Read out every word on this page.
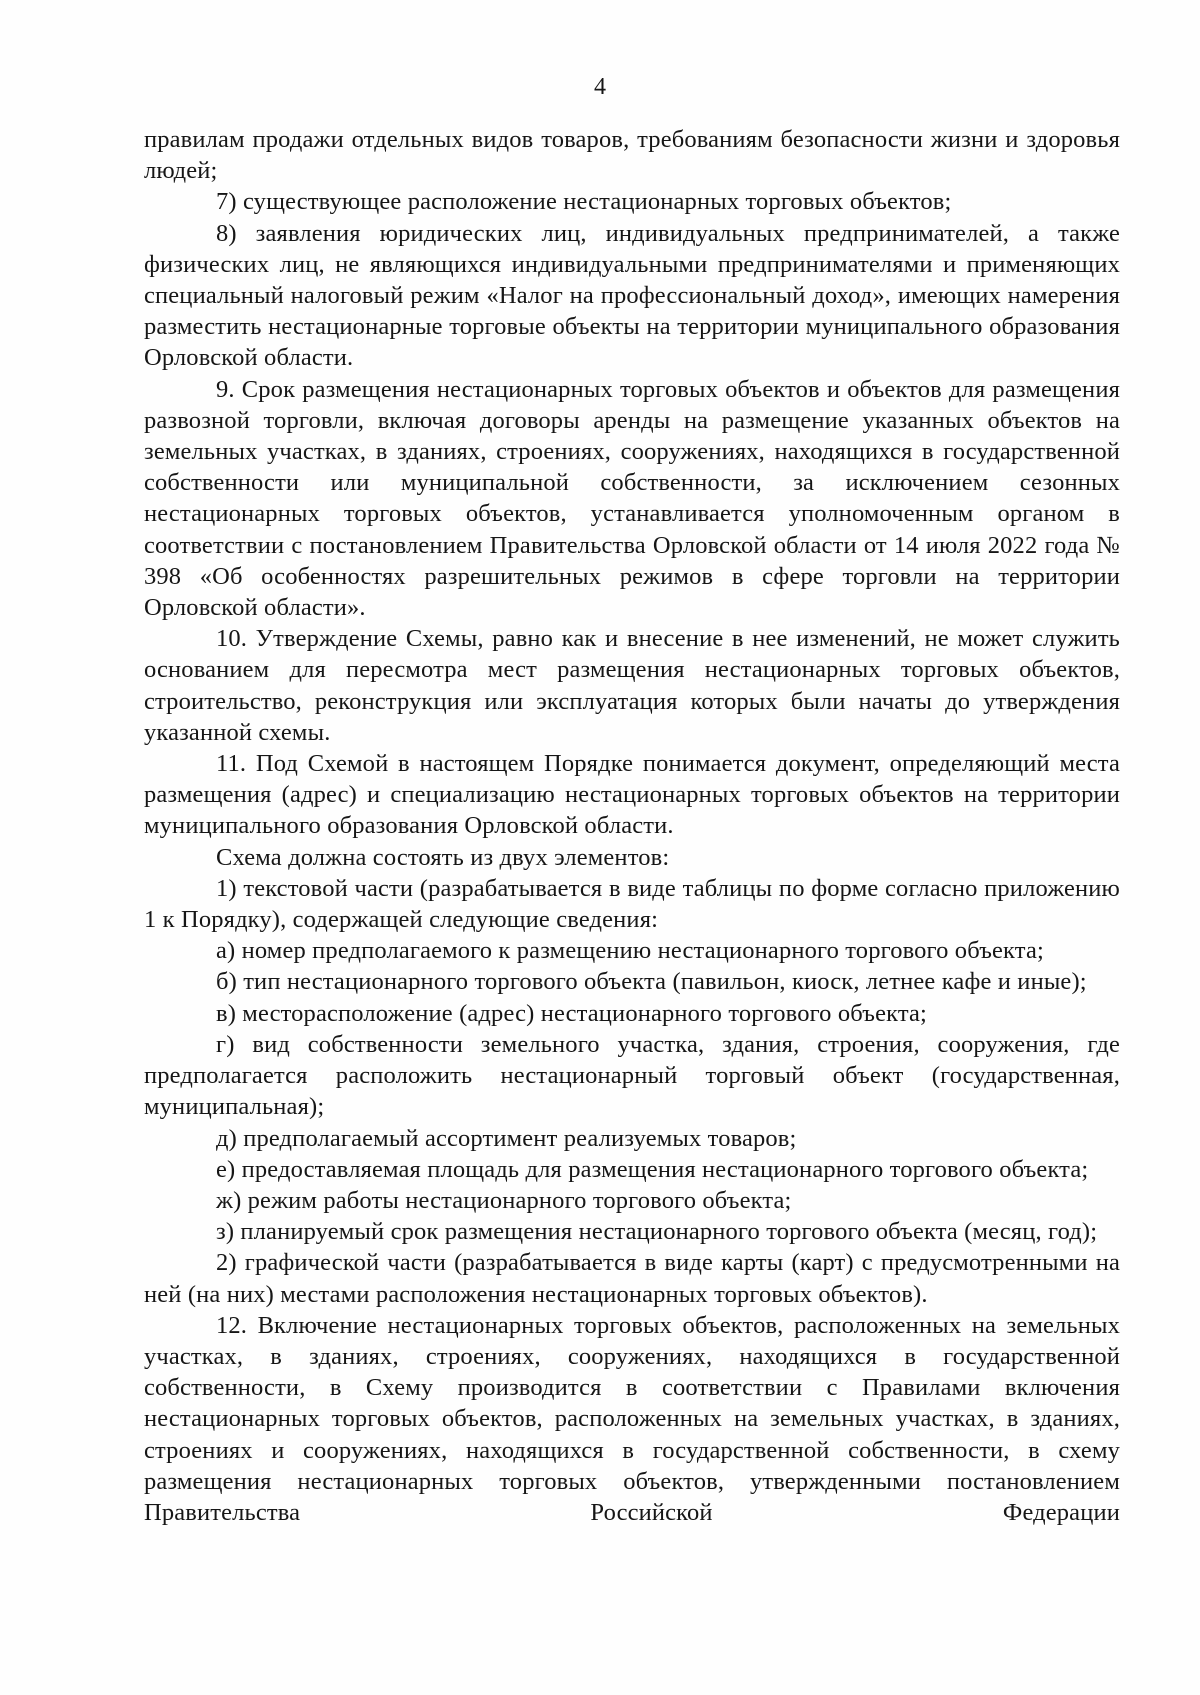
4

правилам продажи отдельных видов товаров, требованиям безопасности жизни и здоровья людей;

7) существующее расположение нестационарных торговых объектов;

8) заявления юридических лиц, индивидуальных предпринимателей, а также физических лиц, не являющихся индивидуальными предпринимателями и применяющих специальный налоговый режим «Налог на профессиональный доход», имеющих намерения разместить нестационарные торговые объекты на территории муниципального образования Орловской области.

9. Срок размещения нестационарных торговых объектов и объектов для размещения развозной торговли, включая договоры аренды на размещение указанных объектов на земельных участках, в зданиях, строениях, сооружениях, находящихся в государственной собственности или муниципальной собственности, за исключением сезонных нестационарных торговых объектов, устанавливается уполномоченным органом в соответствии с постановлением Правительства Орловской области от 14 июля 2022 года № 398 «Об особенностях разрешительных режимов в сфере торговли на территории Орловской области».

10. Утверждение Схемы, равно как и внесение в нее изменений, не может служить основанием для пересмотра мест размещения нестационарных торговых объектов, строительство, реконструкция или эксплуатация которых были начаты до утверждения указанной схемы.

11. Под Схемой в настоящем Порядке понимается документ, определяющий места размещения (адрес) и специализацию нестационарных торговых объектов на территории муниципального образования Орловской области.

Схема должна состоять из двух элементов:

1) текстовой части (разрабатывается в виде таблицы по форме согласно приложению 1 к Порядку), содержащей следующие сведения:

а) номер предполагаемого к размещению нестационарного торгового объекта;

б) тип нестационарного торгового объекта (павильон, киоск, летнее кафе и иные);

в) месторасположение (адрес) нестационарного торгового объекта;

г) вид собственности земельного участка, здания, строения, сооружения, где предполагается расположить нестационарный торговый объект (государственная, муниципальная);

д) предполагаемый ассортимент реализуемых товаров;

е) предоставляемая площадь для размещения нестационарного торгового объекта;

ж) режим работы нестационарного торгового объекта;

з) планируемый срок размещения нестационарного торгового объекта (месяц, год);

2) графической части (разрабатывается в виде карты (карт) с предусмотренными на ней (на них) местами расположения нестационарных торговых объектов).

12. Включение нестационарных торговых объектов, расположенных на земельных участках, в зданиях, строениях, сооружениях, находящихся в государственной собственности, в Схему производится в соответствии с Правилами включения нестационарных торговых объектов, расположенных на земельных участках, в зданиях, строениях и сооружениях, находящихся в государственной собственности, в схему размещения нестационарных торговых объектов, утвержденными постановлением Правительства Российской Федерации
